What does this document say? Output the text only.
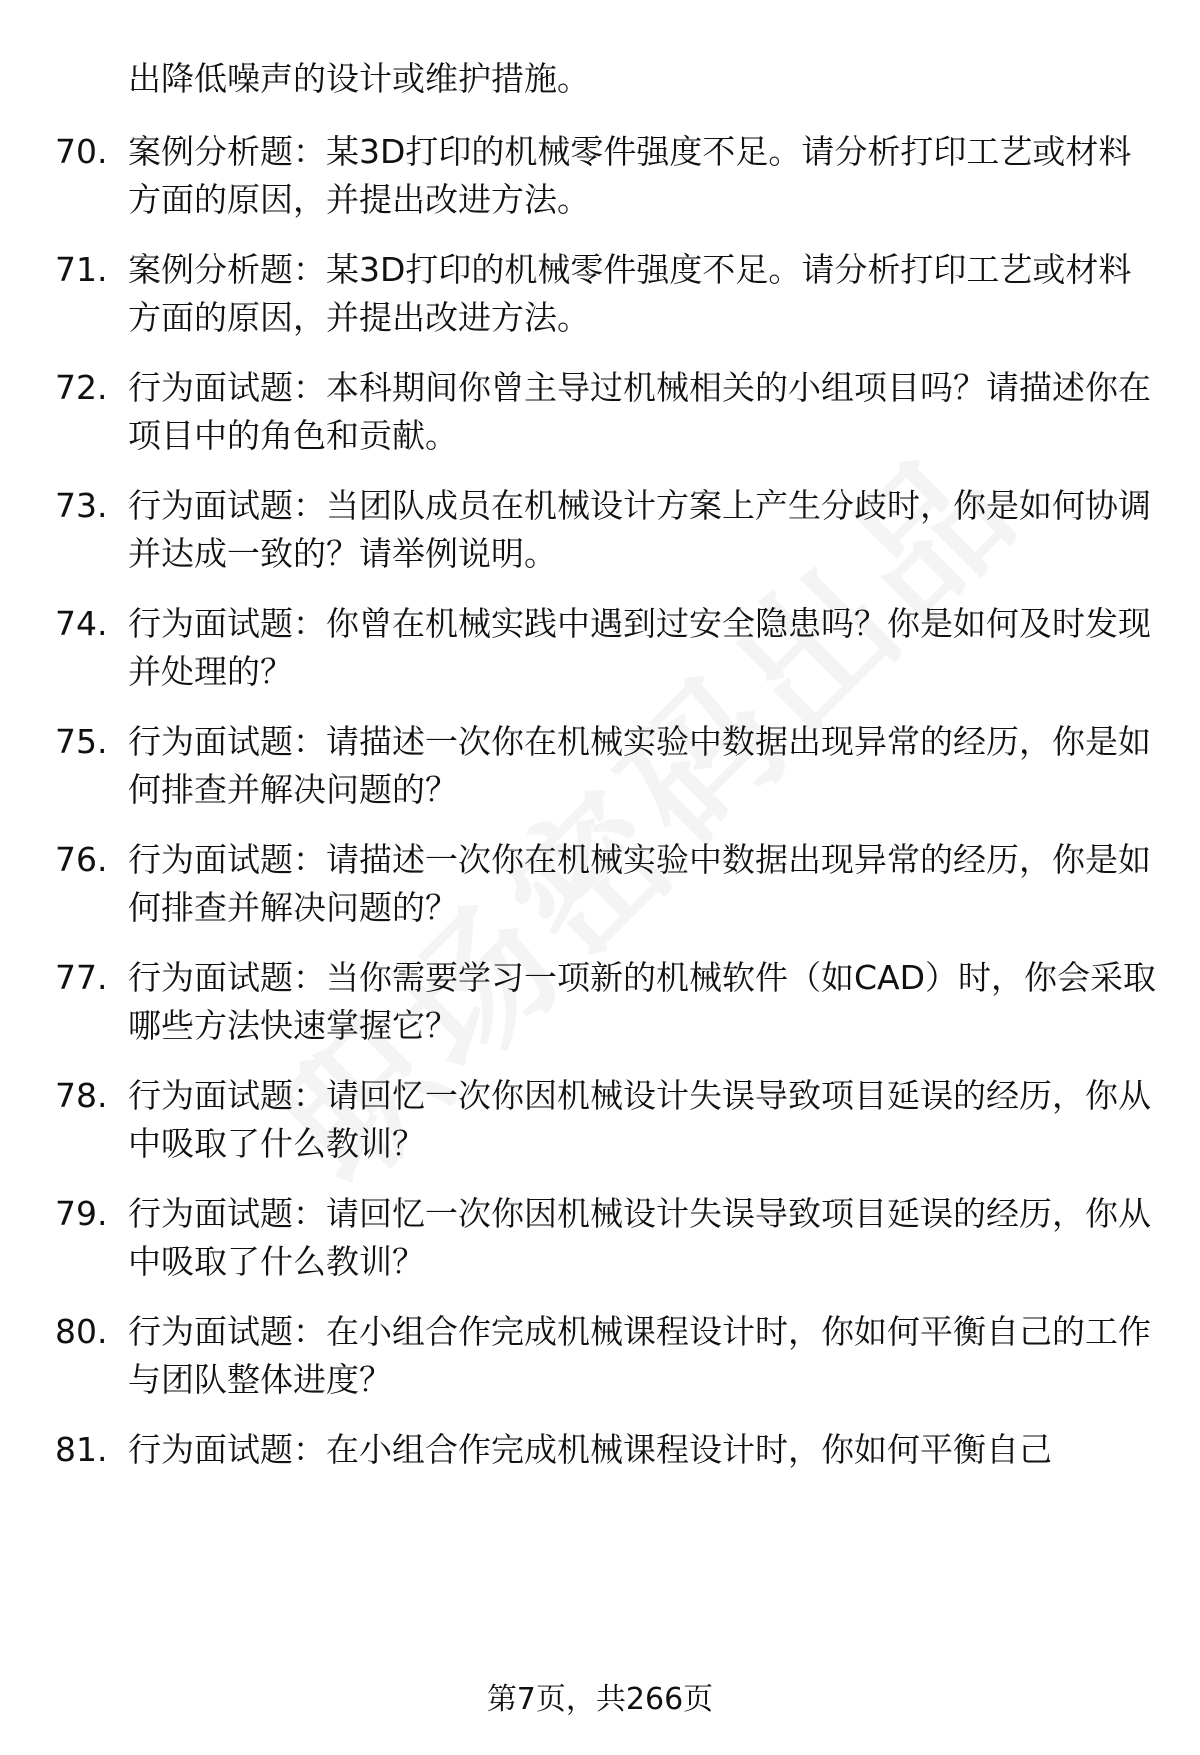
出降低噪声的设计或维护措施。
70. 案例分析题：某3D打印的机械零件强度不足。请分析打印工艺或材料方面的原因，并提出改进方法。
71. 案例分析题：某3D打印的机械零件强度不足。请分析打印工艺或材料方面的原因，并提出改进方法。
72. 行为面试题：本科期间你曾主导过机械相关的小组项目吗？请描述你在项目中的角色和贡献。
73. 行为面试题：当团队成员在机械设计方案上产生分歧时，你是如何协调并达成一致的？请举例说明。
74. 行为面试题：你曾在机械实践中遇到过安全隐患吗？你是如何及时发现并处理的？
75. 行为面试题：请描述一次你在机械实验中数据出现异常的经历，你是如何排查并解决问题的？
76. 行为面试题：请描述一次你在机械实验中数据出现异常的经历，你是如何排查并解决问题的？
77. 行为面试题：当你需要学习一项新的机械软件（如CAD）时，你会采取哪些方法快速掌握它？
78. 行为面试题：请回忆一次你因机械设计失误导致项目延误的经历，你从中吸取了什么教训？
79. 行为面试题：请回忆一次你因机械设计失误导致项目延误的经历，你从中吸取了什么教训？
80. 行为面试题：在小组合作完成机械课程设计时，你如何平衡自己的工作与团队整体进度？
81. 行为面试题：在小组合作完成机械课程设计时，你如何平衡自己
第7页，共266页
